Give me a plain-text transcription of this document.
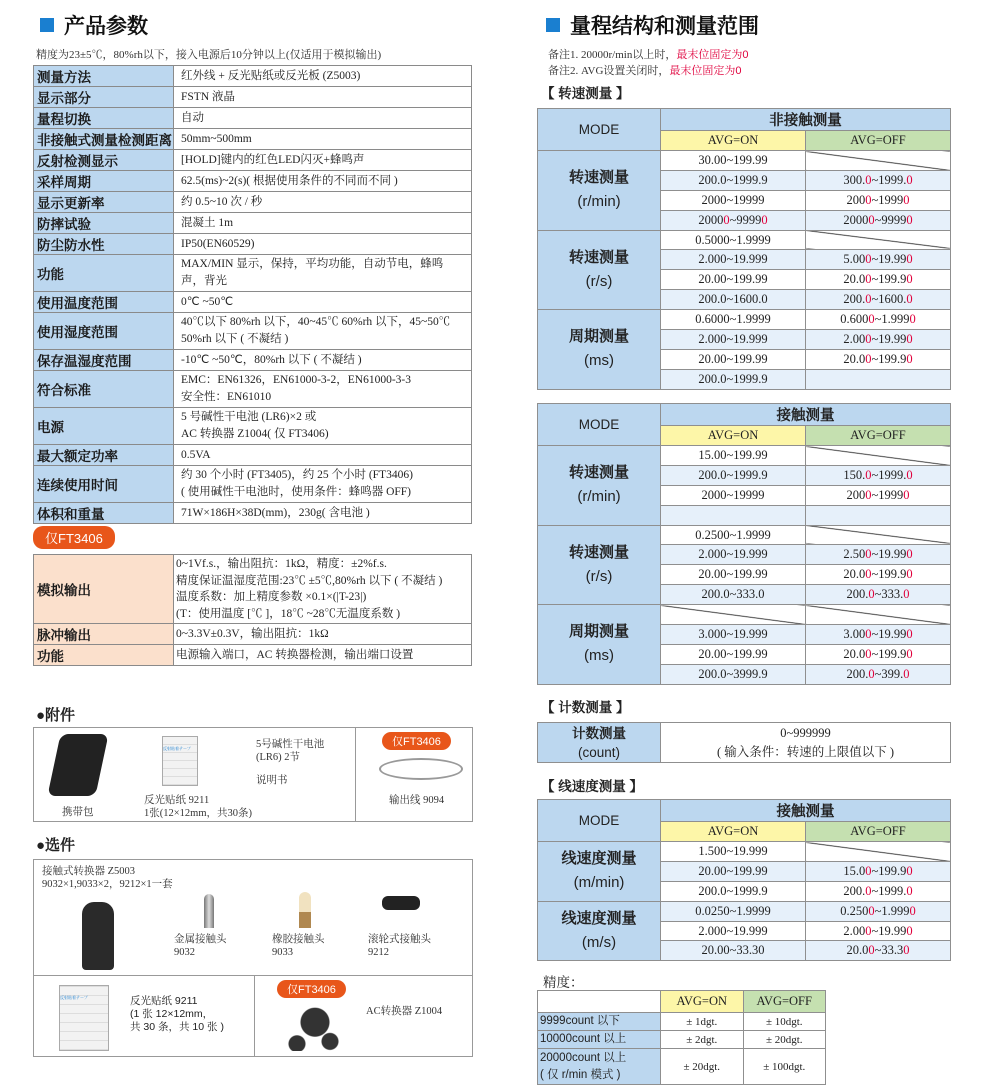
产品参数
精度为23±5℃，80%rh以下，接入电源后10分钟以上(仅适用于模拟输出)
测量方法	红外线 + 反光贴纸或反光板 (Z5003)

显示部分	FSTN 液晶

量程切换	自动

非接触式测量检测距离	50mm~500mm

反射检测显示	[HOLD]键内的红色LED闪灭+蜂鸣声

采样周期	62.5(ms)~2(s)( 根据使用条件的不同而不同 )

显示更新率	约 0.5~10 次 / 秒

防摔试验	混凝土 1m

防尘防水性	IP50(EN60529)

功能	MAX/MIN 显示，保持，平均功能，自动节电，蜂鸣
声，背光

使用温度范围	0℃ ~50℃

使用湿度范围	40℃以下 80%rh 以下，40~45℃ 60%rh 以下，45~50℃
50%rh 以下 ( 不凝结 )

保存温湿度范围	-10℃ ~50℃，80%rh 以下 ( 不凝结 )

符合标准	EMC：EN61326，EN61000-3-2，EN61000-3-3
安全性：EN61010

电源	5 号碱性干电池 (LR6)×2 或
AC 转换器 Z1004( 仅 FT3406)

最大额定功率	0.5VA

连续使用时间	约 30 个小时 (FT3405)，约 25 个小时 (FT3406)
( 使用碱性干电池时，使用条件：蜂鸣器 OFF)

体积和重量	71W×186H×38D(mm)，230g( 含电池 )
仅FT3406
模拟输出	0~1Vf.s.，输出阻抗：1kΩ，精度：±2%f.s.
精度保证温湿度范围:23℃ ±5℃,80%rh 以下 ( 不凝结 )
温度系数：加上精度参数 ×0.1×(|T-23|)
(T：使用温度 [℃ ]，18℃ ~28℃无温度系数 )

脉冲输出	0~3.3V±0.3V，输出阻抗：1kΩ

功能	电源输入端口，AC 转换器检测，输出端口设置
●附件
携带包
反射貼着テープ
反光贴纸 9211
1张(12×12mm，共30条)
5号碱性干电池
(LR6) 2节
说明书
仅FT3406
输出线 9094
●选件
接触式转换器 Z5003
9032×1,9033×2，9212×1一套
金属接触头
9032
橡胶接触头
9033
滚轮式接触头
9212
反射貼着テープ	反光贴纸 9211
(1 张 12×12mm，
共 30 条，共 10 张 )
仅FT3406
AC转换器 Z1004
量程结构和测量范围
备注1. 20000r/min以上时，最末位固定为0
备注2. AVG设置关闭时，最末位固定为0
【 转速测量 】
MODE	非接触测量	
	AVG=ON	AVG=OFF

转速测量
(r/min)	30.00~199.99	
	200.0~1999.9	300.0~1999.0
	2000~19999	2000~19990
	20000~99990	20000~99990

转速测量
(r/s)	0.5000~1.9999	
	2.000~19.999	5.000~19.990
	20.00~199.99	20.00~199.90
	200.0~1600.0	200.0~1600.0

周期测量
(ms)	0.6000~1.9999	0.6000~1.9990
	2.000~19.999	2.000~19.990
	20.00~199.99	20.00~199.90
	200.0~1999.9	
MODE	接触测量	
	AVG=ON	AVG=OFF

转速测量
(r/min)	15.00~199.99	
	200.0~1999.9	150.0~1999.0
	2000~19999	2000~19990

转速测量
(r/s)	0.2500~1.9999	
	2.000~19.999	2.500~19.990
	20.00~199.99	20.00~199.90
	200.0~333.0	200.0~333.0

周期测量
(ms)		

	3.000~19.999	3.000~19.990
	20.00~199.99	20.00~199.90
	200.0~3999.9	200.0~399.0
【 计数测量 】
计数测量
(count)

0~999999
( 输入条件：转速的上限值以下 )
【 线速度测量 】
MODE	接触测量	
	AVG=ON	AVG=OFF

线速度测量
(m/min)	1.500~19.999	
	20.00~199.99	15.00~199.90
	200.0~1999.9	200.0~1999.0

线速度测量
(m/s)	0.0250~1.9999	0.2500~1.9990
	2.000~19.999	2.000~19.990
	20.00~33.30	20.00~33.30
精度：
	AVG=ON	AVG=OFF

9999count 以下	± 1dgt.	± 10dgt.

10000count 以上	± 2dgt.	± 20dgt.

20000count 以上
( 仅 r/min 模式 )	± 20dgt.	± 100dgt.
